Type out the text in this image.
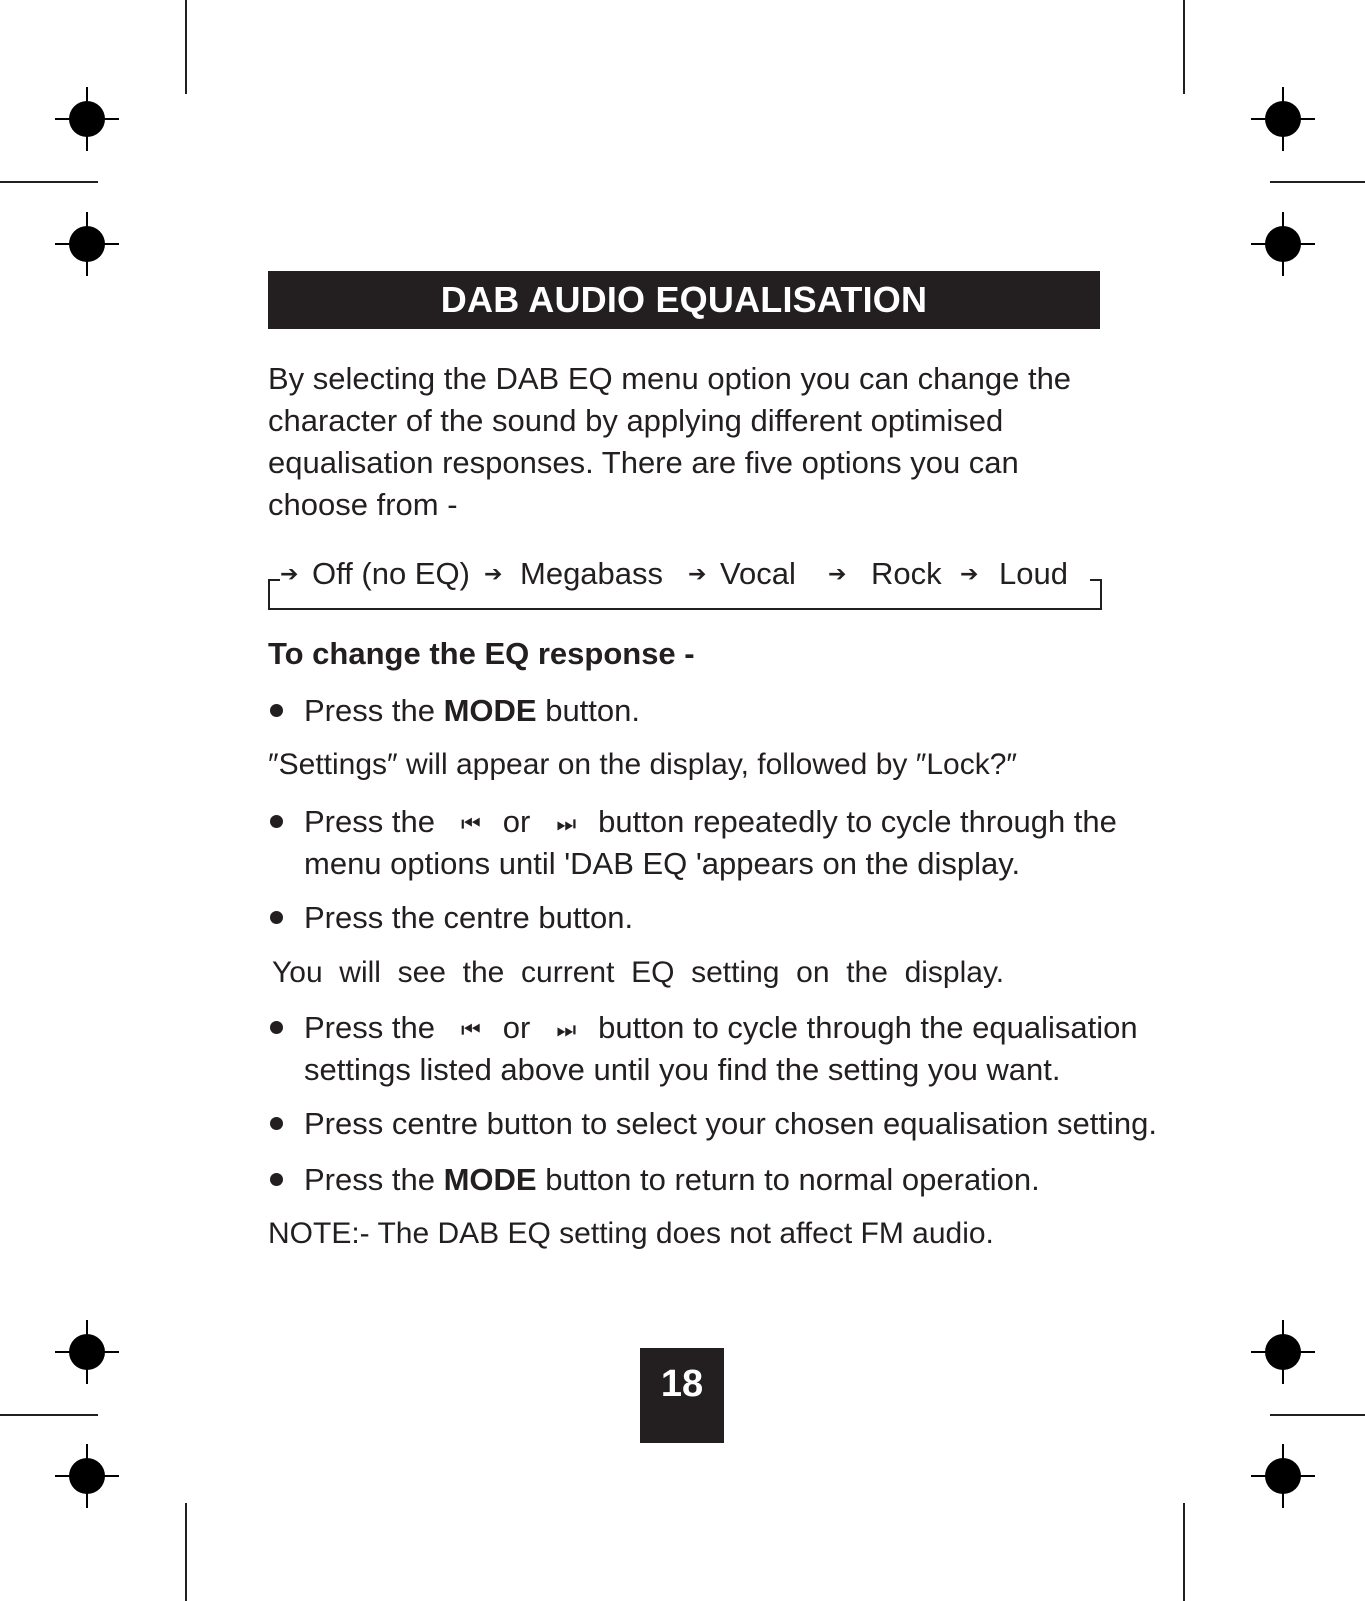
DAB AUDIO EQUALISATION
By selecting the DAB EQ menu option you can change the
character of the sound by applying different optimised
equalisation responses. There are five options you can
choose from -
➔ Off (no EQ) ➔ Megabass ➔ Vocal ➔ Rock ➔ Loud
To change the EQ response -
Press the MODE button.
″Settings″ will appear on the display, followed by ″Lock?″
Press the ⏮ or ⏭ button repeatedly to cycle through the
menu options until 'DAB EQ 'appears on the display.
Press the centre button.
You  will  see  the  current  EQ  setting  on  the  display.
Press the ⏮ or ⏭ button to cycle through the equalisation
settings listed above until you find the setting you want.
Press centre button to select your chosen equalisation setting.
Press the MODE button to return to normal operation.
NOTE:- The DAB EQ setting does not affect FM audio.
18
